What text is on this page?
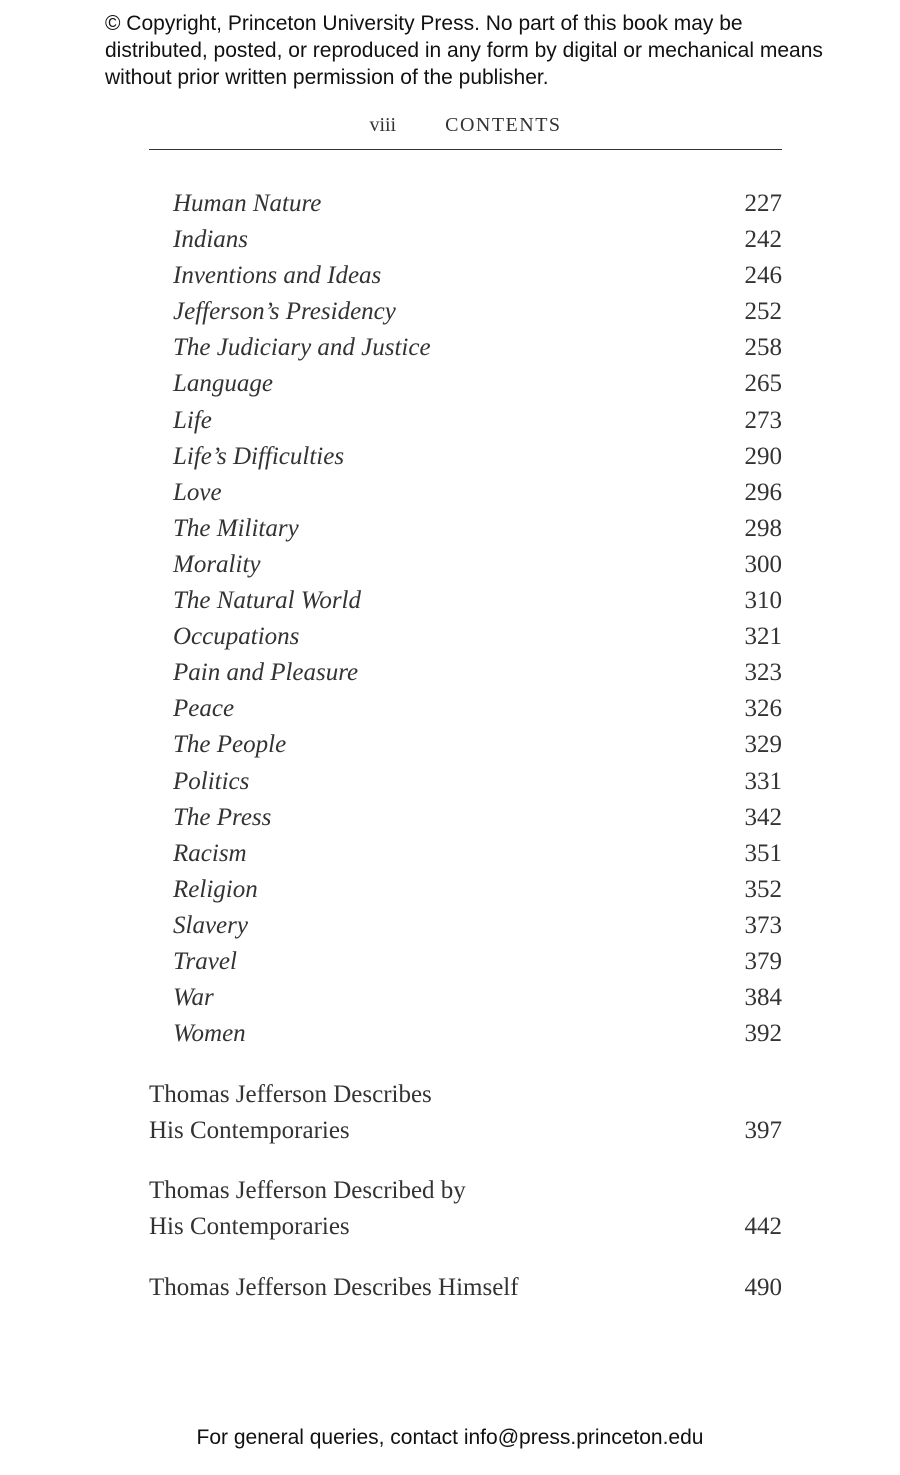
© Copyright, Princeton University Press. No part of this book may be distributed, posted, or reproduced in any form by digital or mechanical means without prior written permission of the publisher.
viii CONTENTS
Human Nature	227
Indians	242
Inventions and Ideas	246
Jefferson’s Presidency	252
The Judiciary and Justice	258
Language	265
Life	273
Life’s Difficulties	290
Love	296
The Military	298
Morality	300
The Natural World	310
Occupations	321
Pain and Pleasure	323
Peace	326
The People	329
Politics	331
The Press	342
Racism	351
Religion	352
Slavery	373
Travel	379
War	384
Women	392
Thomas Jefferson Describes
His Contemporaries	397
Thomas Jefferson Described by
His Contemporaries	442
Thomas Jefferson Describes Himself	490
For general queries, contact info@press.princeton.edu
